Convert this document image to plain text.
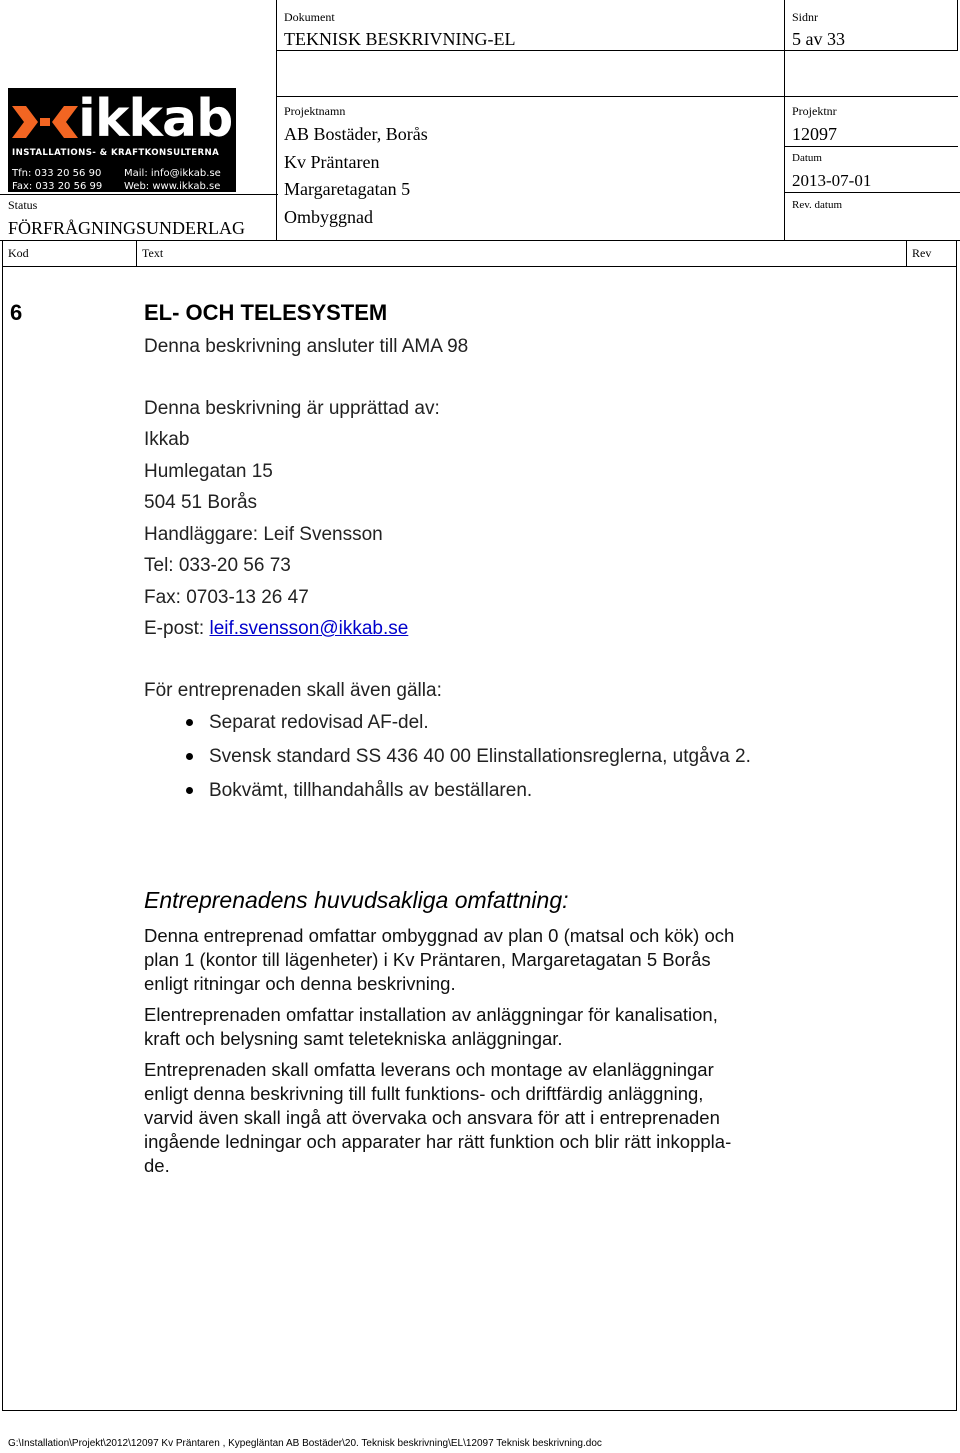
Dokument
TEKNISK BESKRIVNING-EL
Sidnr
5 av 33
Projektnamn
AB Bostäder, Borås
Kv Präntaren
Margaretagatan 5
Ombyggnad
Projektnr
12097
Datum
2013-07-01
Rev. datum
Status
FÖRFRÅGNINGSUNDERLAG
Kod	Text	Rev
ikkab
INSTALLATIONS- & KRAFTKONSULTERNA
Tfn: 033 20 56 90
Fax: 033 20 56 99
Mail: info@ikkab.se
Web: www.ikkab.se
6	EL- OCH TELESYSTEM
Denna beskrivning ansluter till AMA 98
Denna beskrivning är upprättad av:
Ikkab
Humlegatan 15
504 51 Borås
Handläggare: Leif Svensson
Tel: 033-20 56 73
Fax: 0703-13 26 47
E-post: leif.svensson@ikkab.se
För entreprenaden skall även gälla:
Separat redovisad AF-del.
Svensk standard SS 436 40 00 Elinstallationsreglerna, utgåva 2.
Bokvämt, tillhandahålls av beställaren.
Entreprenadens huvudsakliga omfattning:
Denna entreprenad omfattar ombyggnad av plan 0 (matsal och kök) och
plan 1 (kontor till lägenheter) i Kv Präntaren, Margaretagatan 5 Borås
enligt ritningar och denna beskrivning.
Elentreprenaden omfattar installation av anläggningar för kanalisation,
kraft och belysning samt teletekniska anläggningar.
Entreprenaden skall omfatta leverans och montage av elanläggningar
enligt denna beskrivning till fullt funktions- och driftfärdig anläggning,
varvid även skall ingå att övervaka och ansvara för att i entreprenaden
ingående ledningar och apparater har rätt funktion och blir rätt inkoppla-
de.
G:\Installation\Projekt\2012\12097 Kv Präntaren , Kypegläntan AB Bostäder\20. Teknisk beskrivning\EL\12097 Teknisk beskrivning.doc
